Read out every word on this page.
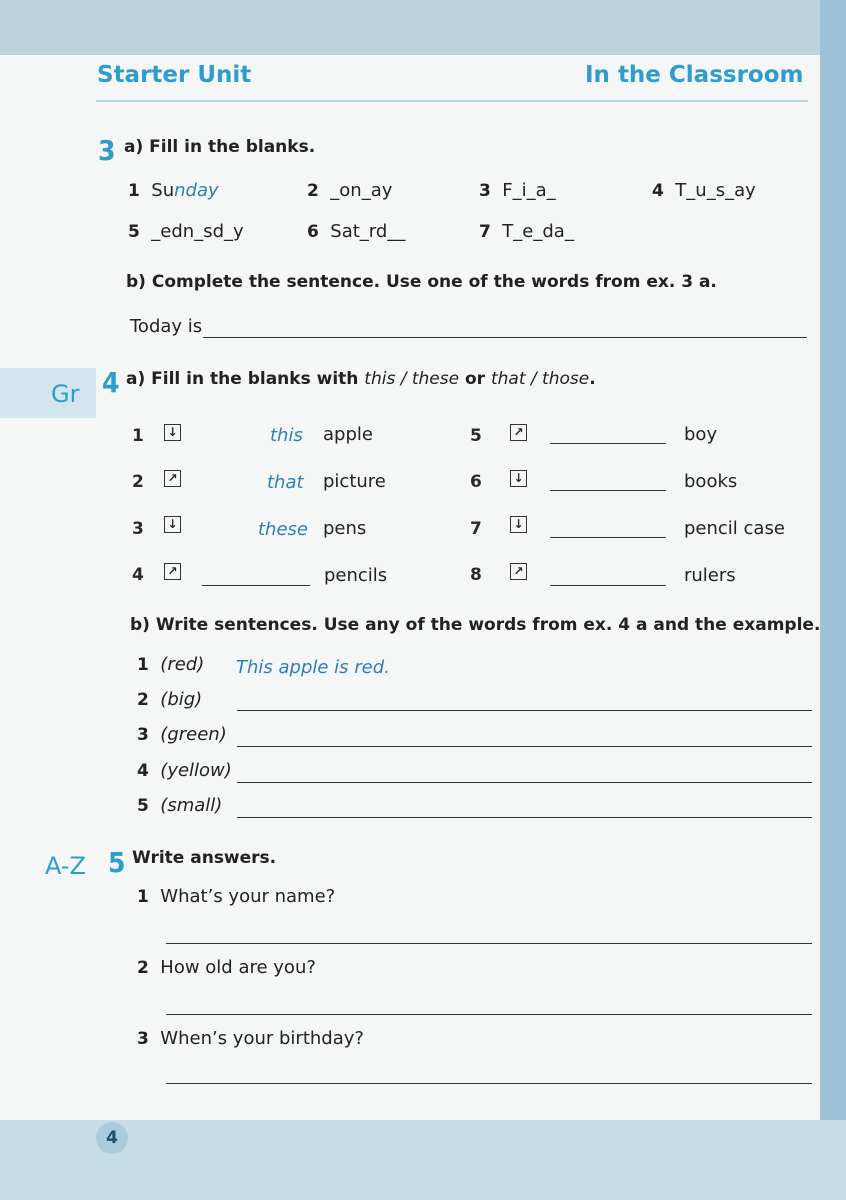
Starter Unit	In the Classroom
3 a) Fill in the blanks.
1 Sunday	2 _on_ay	3 F_i_a_	4 T_u_s_ay
5 _edn_sd_y	6 Sat_rd__	7 T_e_da_
b) Complete the sentence. Use one of the words from ex. 3 a.
Today is
Gr 4 a) Fill in the blanks with this / these or that / those.
1 ↓	this apple
2 ↗	that picture
3 ↓	these pens
4 ↗	pencils
5	↗	boy
6	↓	books
7	↓	pencil case
8	↗	rulers
b) Write sentences. Use any of the words from ex. 4 a and the example.
1 (red) This apple is red.
2 (big)
3 (green)
4 (yellow)
5 (small)
A-Z 5 Write answers.
1 What’s your name?
2 How old are you?
3 When’s your birthday?
4
